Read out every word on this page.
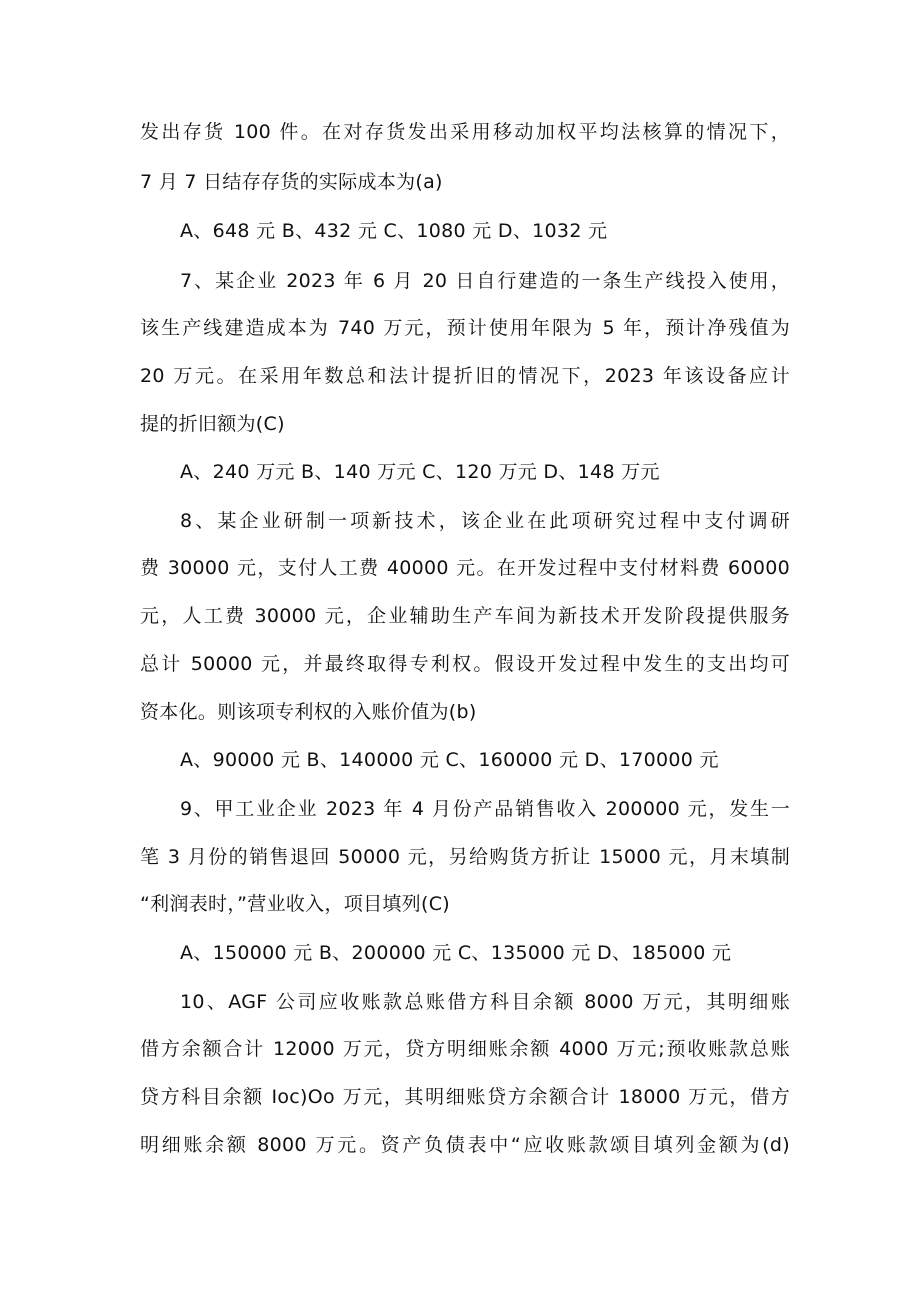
发出存货 100 件。在对存货发出采用移动加权平均法核算的情况下，
7 月 7 日结存存货的实际成本为(a)
A、648 元 B、432 元 C、1080 元 D、1032 元
7、某企业 2023 年 6 月 20 日自行建造的一条生产线投入使用，
该生产线建造成本为 740 万元，预计使用年限为 5 年，预计净残值为
20 万元。在采用年数总和法计提折旧的情况下，2023 年该设备应计
提的折旧额为(C)
A、240 万元 B、140 万元 C、120 万元 D、148 万元
8、某企业研制一项新技术，该企业在此项研究过程中支付调研
费 30000 元，支付人工费 40000 元。在开发过程中支付材料费 60000
元，人工费 30000 元，企业辅助生产车间为新技术开发阶段提供服务
总计 50000 元，并最终取得专利权。假设开发过程中发生的支出均可
资本化。则该项专利权的入账价值为(b)
A、90000 元 B、140000 元 C、160000 元 D、170000 元
9、甲工业企业 2023 年 4 月份产品销售收入 200000 元，发生一
笔 3 月份的销售退回 50000 元，另给购货方折让 15000 元，月末填制
“利润表时，”营业收入，项目填列(C)
A、150000 元 B、200000 元 C、135000 元 D、185000 元
10、AGF 公司应收账款总账借方科目余额 8000 万元，其明细账
借方余额合计 12000 万元，贷方明细账余额 4000 万元;预收账款总账
贷方科目余额 Ioc)Oo 万元，其明细账贷方余额合计 18000 万元，借方
明细账余额 8000 万元。资产负债表中“应收账款颂目填列金额为(d)
